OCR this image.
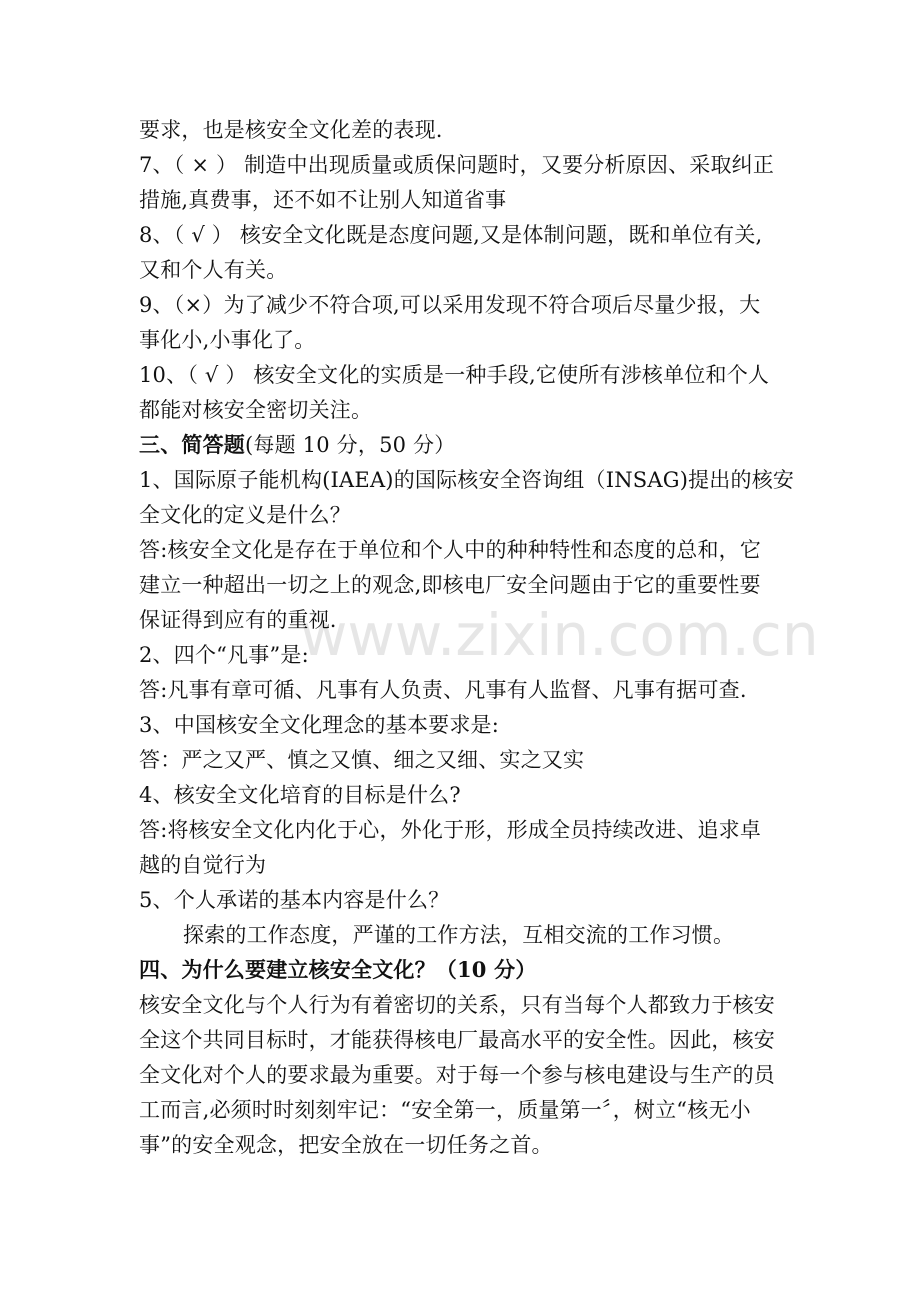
www.zixin.com.cn
要求，也是核安全文化差的表现.
7、（ × ） 制造中出现质量或质保问题时，又要分析原因、采取纠正
措施,真费事，还不如不让别人知道省事
8、（ √ ） 核安全文化既是态度问题,又是体制问题，既和单位有关,
又和个人有关。
9、（×）为了减少不符合项,可以采用发现不符合项后尽量少报，大
事化小,小事化了。
10、（ √ ） 核安全文化的实质是一种手段,它使所有涉核单位和个人
都能对核安全密切关注。
三、简答题(每题 10 分，50 分）
1、国际原子能机构(IAEA)的国际核安全咨询组（INSAG)提出的核安
全文化的定义是什么？
答:核安全文化是存在于单位和个人中的种种特性和态度的总和，它
建立一种超出一切之上的观念,即核电厂安全问题由于它的重要性要
保证得到应有的重视.
2、四个“凡事”是:
答:凡事有章可循、凡事有人负责、凡事有人监督、凡事有据可查.
3、中国核安全文化理念的基本要求是:
答：严之又严、慎之又慎、细之又细、实之又实
4、核安全文化培育的目标是什么?
答:将核安全文化内化于心，外化于形，形成全员持续改进、追求卓
越的自觉行为
5、个人承诺的基本内容是什么？
探索的工作态度，严谨的工作方法，互相交流的工作习惯。
四、为什么要建立核安全文化？（10 分）
核安全文化与个人行为有着密切的关系，只有当每个人都致力于核安
全这个共同目标时，才能获得核电厂最高水平的安全性。因此，核安
全文化对个人的要求最为重要。对于每一个参与核电建设与生产的员
工而言,必须时时刻刻牢记：“安全第一，质量第一〞，树立“核无小
事”的安全观念，把安全放在一切任务之首。
